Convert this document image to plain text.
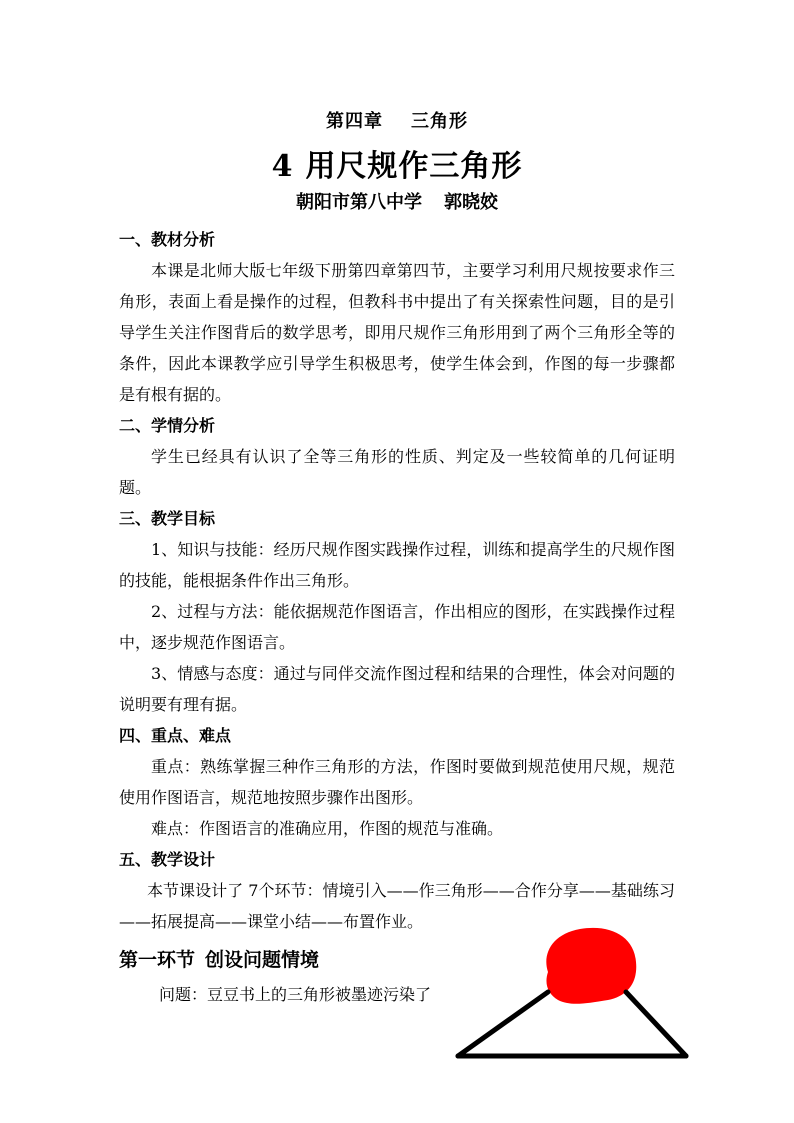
第四章 三角形
4 用尺规作三角形
朝阳市第八中学 郭晓姣
一、教材分析

本课是北师大版七年级下册第四章第四节，主要学习利用尺规按要求作三角形，表面上看是操作的过程，但教科书中提出了有关探索性问题，目的是引导学生关注作图背后的数学思考，即用尺规作三角形用到了两个三角形全等的条件，因此本课教学应引导学生积极思考，使学生体会到，作图的每一步骤都是有根有据的。

二、学情分析

学生已经具有认识了全等三角形的性质、判定及一些较简单的几何证明题。

三、教学目标

1、知识与技能：经历尺规作图实践操作过程，训练和提高学生的尺规作图的技能，能根据条件作出三角形。

2、过程与方法：能依据规范作图语言，作出相应的图形，在实践操作过程中，逐步规范作图语言。

3、情感与态度：通过与同伴交流作图过程和结果的合理性，体会对问题的说明要有理有据。

四、重点、难点

重点：熟练掌握三种作三角形的方法，作图时要做到规范使用尺规，规范使用作图语言，规范地按照步骤作出图形。

难点：作图语言的准确应用，作图的规范与准确。

五、教学设计

本节课设计了 7个环节：情境引入——作三角形——合作分享——基础练习——拓展提高——课堂小结——布置作业。

第一环节 创设问题情境
问题：豆豆书上的三角形被墨迹污染了
